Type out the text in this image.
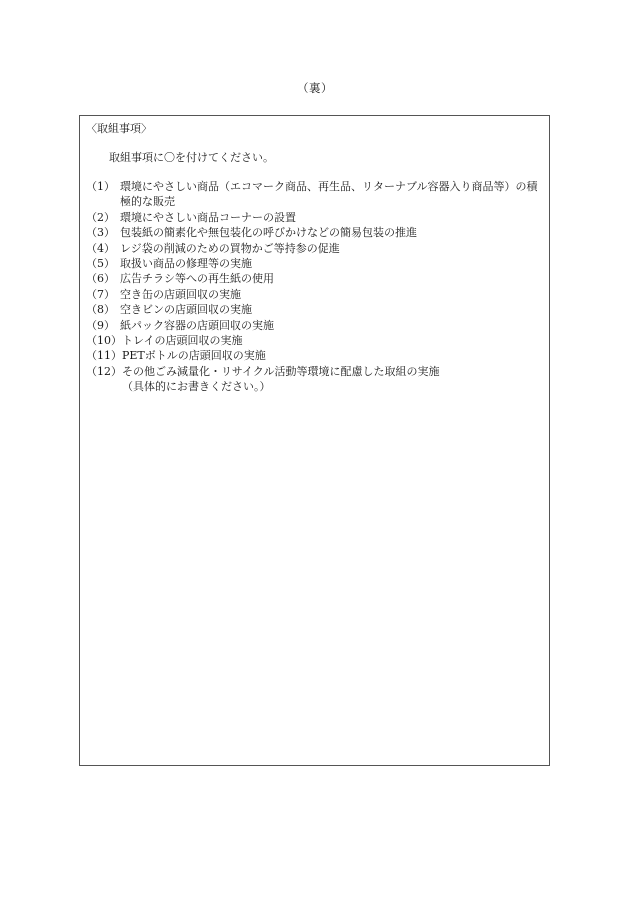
（裏）
〈取組事項〉
取組事項に〇を付けてください。
（1） 環境にやさしい商品（エコマーク商品、再生品、リターナブル容器入り商品等）の積
極的な販売
（2） 環境にやさしい商品コーナーの設置
（3） 包装紙の簡素化や無包装化の呼びかけなどの簡易包装の推進
（4） レジ袋の削減のための買物かご等持参の促進
（5） 取扱い商品の修理等の実施
（6） 広告チラシ等への再生紙の使用
（7） 空き缶の店頭回収の実施
（8） 空きビンの店頭回収の実施
（9） 紙パック容器の店頭回収の実施
（10） トレイの店頭回収の実施
（11） PETボトルの店頭回収の実施
（12） その他ごみ減量化・リサイクル活動等環境に配慮した取組の実施
（具体的にお書きください。）
